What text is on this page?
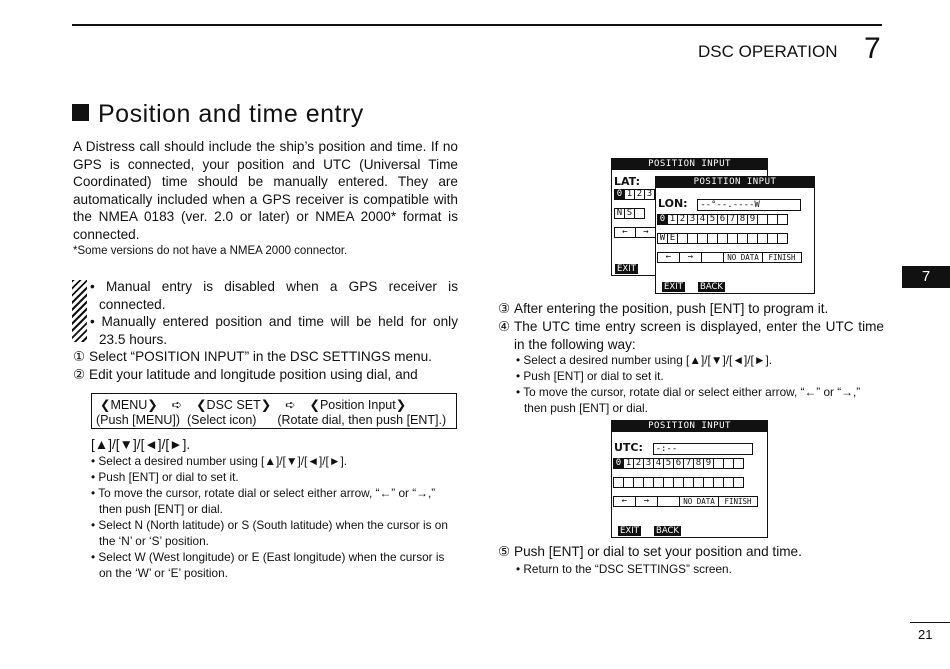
DSC OPERATION 7
Position and time entry
A Distress call should include the ship’s position and time. If no GPS is connected, your position and UTC (Universal Time Coordinated) time should be manually entered. They are automatically included when a GPS receiver is compatible with the NMEA 0183 (ver. 2.0 or later) or NMEA 2000* format is connected.
*Some versions do not have a NMEA 2000 connector.
• Manual entry is disabled when a GPS receiver is connected.
• Manually entered position and time will be held for only 23.5 hours.
① Select “POSITION INPUT” in the DSC SETTINGS menu.
② Edit your latitude and longitude position using dial, and
❮MENU❯ ➪ ❮DSC SET❯ ➪ ❮Position Input❯
(Push [MENU]) (Select icon) (Rotate dial, then push [ENT].)
[▲]/[▼]/[◄]/[►].
• Select a desired number using [▲]/[▼]/[◄]/[►].
• Push [ENT] or dial to set it.
• To move the cursor, rotate dial or select either arrow, “←” or “→,” then push [ENT] or dial.
• Select N (North latitude) or S (South latitude) when the cursor is on the ‘N’ or ‘S’ position.
• Select W (West longitude) or E (East longitude) when the cursor is on the ‘W’ or ‘E’ position.
POSITION INPUT
LAT:
0 1 2 3
N S
← →
EXIT
POSITION INPUT
LON: --°--.----W
0 1 2 3 4 5 6 7 8 9
W E
← →	NO DATA FINISH
EXIT BACK
③ After entering the position, push [ENT] to program it.
④ The UTC time entry screen is displayed, enter the UTC time in the following way:
• Select a desired number using [▲]/[▼]/[◄]/[►].
• Push [ENT] or dial to set it.
• To move the cursor, rotate dial or select either arrow, “←” or “→,” then push [ENT] or dial.
POSITION INPUT
UTC: -:--
0 1 2 3 4 5 6 7 8 9
← →	NO DATA FINISH
EXIT BACK
⑤ Push [ENT] or dial to set your position and time.
• Return to the “DSC SETTINGS” screen.
7
21
